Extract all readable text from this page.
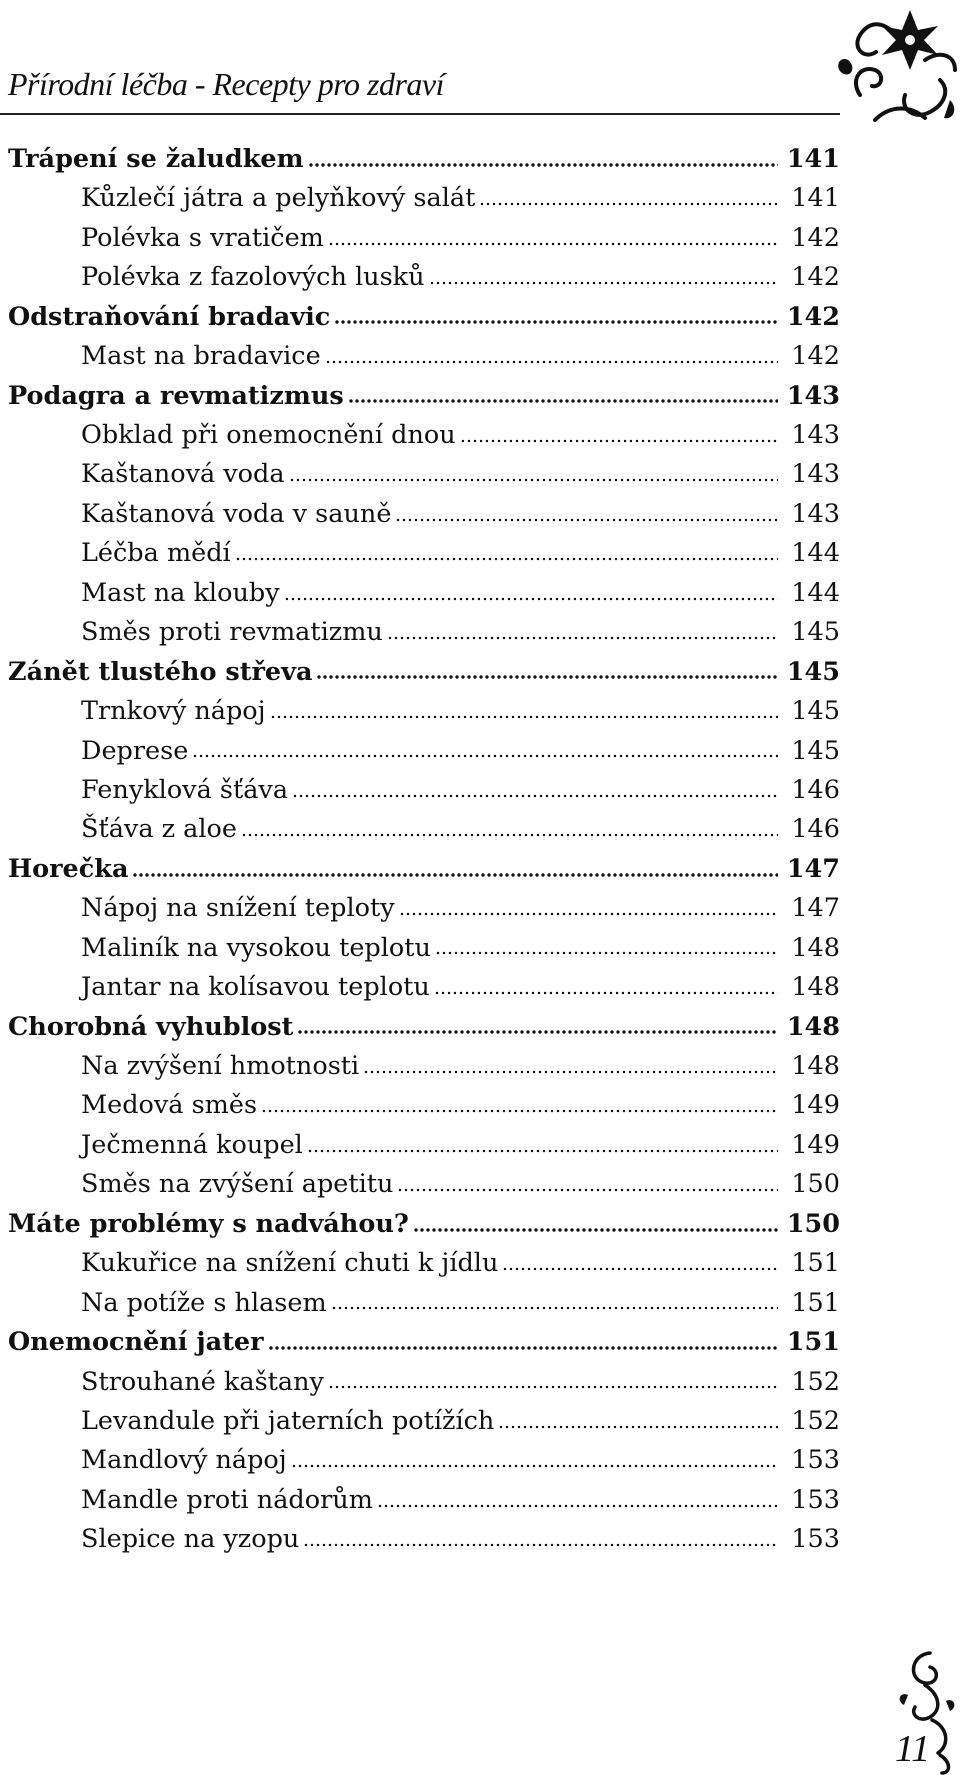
Přírodní léčba - Recepty pro zdraví
Trápení se žaludkem	141
Kůzlečí játra a pelyňkový salát	141
Polévka s vratičem	142
Polévka z fazolových lusků	142
Odstraňování bradavic	142
Mast na bradavice	142
Podagra a revmatizmus	143
Obklad při onemocnění dnou	143
Kaštanová voda	143
Kaštanová voda v sauně	143
Léčba mědí	144
Mast na klouby	144
Směs proti revmatizmu	145
Zánět tlustého střeva	145
Trnkový nápoj	145
Deprese	145
Fenyklová šťáva	146
Šťáva z aloe	146
Horečka	147
Nápoj na snížení teploty	147
Maliník na vysokou teplotu	148
Jantar na kolísavou teplotu	148
Chorobná vyhublost	148
Na zvýšení hmotnosti	148
Medová směs	149
Ječmenná koupel	149
Směs na zvýšení apetitu	150
Máte problémy s nadváhou?	150
Kukuřice na snížení chuti k jídlu	151
Na potíže s hlasem	151
Onemocnění jater	151
Strouhané kaštany	152
Levandule při jaterních potížích	152
Mandlový nápoj	153
Mandle proti nádorům	153
Slepice na yzopu	153
11
